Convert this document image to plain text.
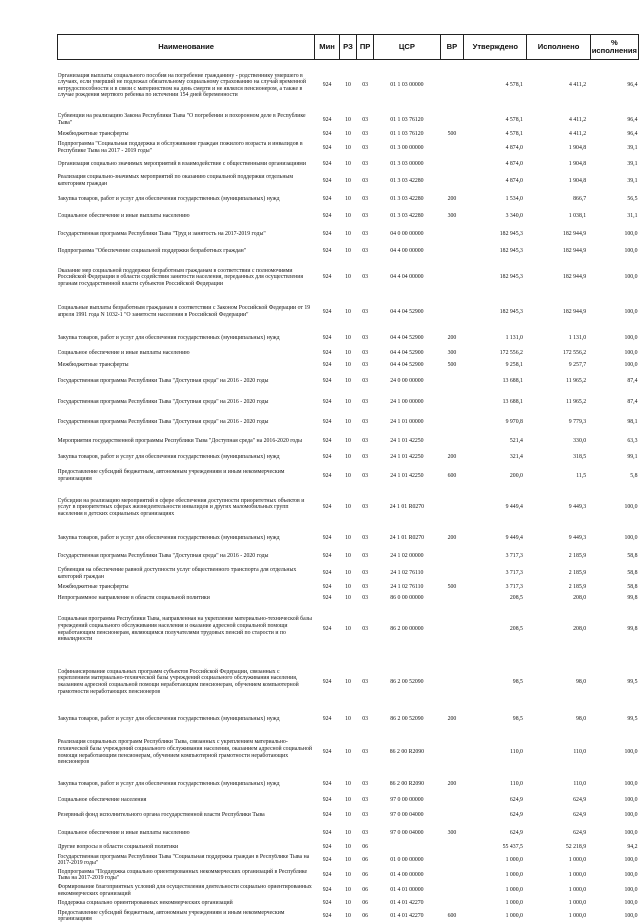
Наименование	Мин	РЗ	ПР	ЦСР	ВР	Утверждено	Исполнено	% исполнения
Организация выплаты социального пособия на погребение гражданину - родственнику умершего в случаях, если умерший не подлежал обязательному социальному страхованию на случай временной нетрудоспособности и в связи с материнством на день смерти и не являлся пенсионером, а также в случае рождения мертвого ребенка по истечении 154 дней беременности	924	10	03	01 1 03 00000		4 578,1	4 411,2	96,4
Субвенции на реализацию Закона Республики Тыва "О погребении и похоронном деле в Республике Тыва"	924	10	03	01 1 03 76120		4 578,1	4 411,2	96,4
Межбюджетные трансферты	924	10	03	01 1 03 76120	500	4 578,1	4 411,2	96,4
Подпрограмма "Социальная поддержка и обслуживание граждан пожилого возраста и инвалидов в Республике Тыва на 2017 - 2019 годы"	924	10	03	01 3 00 00000		4 874,0	1 904,8	39,1
Организация социально значимых мероприятий в взаимодействие с общественными организациями	924	10	03	01 3 03 00000		4 874,0	1 904,8	39,1
Реализация социально-значимых мероприятий по оказанию социальной поддержки отдельным категориям граждан	924	10	03	01 3 03 42280		4 874,0	1 904,8	39,1
Закупка товаров, работ и услуг для обеспечения государственных (муниципальных) нужд	924	10	03	01 3 03 42280	200	1 534,0	866,7	56,5
Социальное обеспечение и иные выплаты населению	924	10	03	01 3 03 42280	300	3 340,0	1 038,1	31,1
Государственная программа Республики Тыва "Труд и занятость на 2017-2019 годы"	924	10	03	04 0 00 00000		182 945,3	182 944,9	100,0
Подпрограмма "Обеспечение социальной поддержки безработных граждан"	924	10	03	04 4 00 00000		182 945,3	182 944,9	100,0
Оказание мер социальной поддержки безработным гражданам в соответствии с полномочиями Российской Федерации в области содействия занятости населения, переданных для осуществления органам государственной власти субъектов Российской Федерации	924	10	03	04 4 04 00000		182 945,3	182 944,9	100,0
Социальные выплаты безработным гражданам в соответствии с Законом Российской Федерации от 19 апреля 1991 года N 1032-1 "О занятости населения в Российской Федерации"	924	10	03	04 4 04 52900		182 945,3	182 944,9	100,0
Закупка товаров, работ и услуг для обеспечения государственных (муниципальных) нужд	924	10	03	04 4 04 52900	200	1 131,0	1 131,0	100,0
Социальное обеспечение и иные выплаты населению	924	10	03	04 4 04 52900	300	172 556,2	172 556,2	100,0
Межбюджетные трансферты	924	10	03	04 4 04 52900	500	9 258,1	9 257,7	100,0
Государственная программа Республики Тыва "Доступная среда" на 2016 - 2020 годы	924	10	03	24 0 00 00000		13 688,1	11 965,2	87,4
Государственная программа Республики Тыва "Доступная среда" на 2016 - 2020 годы	924	10	03	24 1 00 00000		13 688,1	11 965,2	87,4
Государственная программа Республики Тыва "Доступная среда" на 2016 - 2020 годы	924	10	03	24 1 01 00000		9 970,8	9 779,3	98,1
Мероприятия государственной программы Республики Тыва "Доступная среда" на 2016-2020 годы	924	10	03	24 1 01 42250		521,4	330,0	63,3
Закупка товаров, работ и услуг для обеспечения государственных (муниципальных) нужд	924	10	03	24 1 01 42250	200	321,4	318,5	99,1
Предоставление субсидий бюджетным, автономным учреждениям и иным некоммерческим организациям	924	10	03	24 1 01 42250	600	200,0	11,5	5,8
Субсидии на реализацию мероприятий в сфере обеспечения доступности приоритетных объектов и услуг в приоритетных сферах жизнедеятельности инвалидов и других маломобильных групп населения в детских социальных организациях	924	10	03	24 1 01 R0270		9 449,4	9 449,3	100,0
Закупка товаров, работ и услуг для обеспечения государственных (муниципальных) нужд	924	10	03	24 1 01 R0270	200	9 449,4	9 449,3	100,0
Государственная программа Республики Тыва "Доступная среда" на 2016 - 2020 годы	924	10	03	24 1 02 00000		3 717,3	2 185,9	58,8
Субвенция на обеспечение равной доступности услуг общественного транспорта для отдельных категорий граждан	924	10	03	24 1 02 76110		3 717,3	2 185,9	58,8
Межбюджетные трансферты	924	10	03	24 1 02 76110	500	3 717,3	2 185,9	58,8
Непрограммное направление в области социальной политики	924	10	03	86 0 00 00000		208,5	208,0	99,8
Социальная программа Республики Тыва, направленная на укрепление материально-технической базы учреждений социального обслуживания населения и оказание адресной социальной помощи неработающим пенсионерам, являющимся получателями трудовых пенсий по старости и по инвалидности	924	10	03	86 2 00 00000		208,5	208,0	99,8
Софинансирование социальных программ субъектов Российской Федерации, связанных с укреплением материально-технической базы учреждений социального обслуживания населения, оказанием адресной социальной помощи неработающим пенсионерам, обучением компьютерной грамотности неработающих пенсионеров	924	10	03	86 2 00 52090		98,5	98,0	99,5
Закупка товаров, работ и услуг для обеспечения государственных (муниципальных) нужд	924	10	03	86 2 00 52090	200	98,5	98,0	99,5
Реализация социальных программ Республики Тыва, связанных с укреплением материально-технической базы учреждений социального обслуживания населения, оказанием адресной социальной помощи неработающим пенсионерам, обучением компьютерной грамотности неработающих пенсионеров	924	10	03	86 2 00 R2090		110,0	110,0	100,0
Закупка товаров, работ и услуг для обеспечения государственных (муниципальных) нужд	924	10	03	86 2 00 R2090	200	110,0	110,0	100,0
Социальное обеспечение населения	924	10	03	97 0 00 00000		624,9	624,9	100,0
Резервный фонд исполнительного органа государственной власти Республики Тыва	924	10	03	97 0 00 04000		624,9	624,9	100,0
Социальное обеспечение и иные выплаты населению	924	10	03	97 0 00 04000	300	624,9	624,9	100,0
Другие вопросы в области социальной политики	924	10	06			55 437,5	52 218,9	94,2
Государственная программа Республики Тыва "Социальная поддержка граждан в Республике Тыва на 2017-2019 годы"	924	10	06	01 0 00 00000		1 000,0	1 000,0	100,0
Подпрограмма "Поддержка социально ориентированных некоммерческих организаций в Республике Тыва на 2017-2019 годы"	924	10	06	01 4 00 00000		1 000,0	1 000,0	100,0
Формирование благоприятных условий для осуществления деятельности социально ориентированных некоммерческих организаций	924	10	06	01 4 01 00000		1 000,0	1 000,0	100,0
Поддержка социально ориентированных некоммерческих организаций	924	10	06	01 4 01 42270		1 000,0	1 000,0	100,0
Предоставление субсидий бюджетным, автономным учреждениям и иным некоммерческим организациям	924	10	06	01 4 01 42270	600	1 000,0	1 000,0	100,0
